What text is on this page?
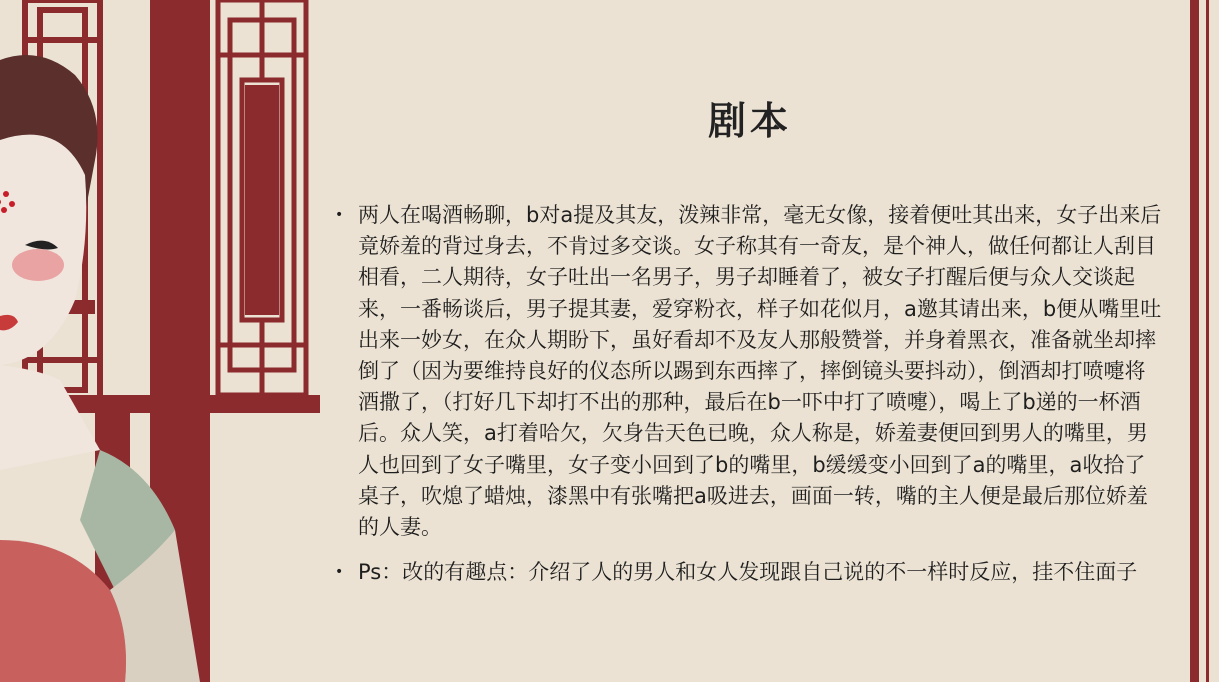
剧本
• 两人在喝酒畅聊，b对a提及其友，泼辣非常，毫无女像，接着便吐其出来，女子出来后竟娇羞的背过身去，不肯过多交谈。女子称其有一奇友，是个神人，做任何都让人刮目相看，二人期待，女子吐出一名男子，男子却睡着了，被女子打醒后便与众人交谈起来，一番畅谈后，男子提其妻，爱穿粉衣，样子如花似月，a邀其请出来，b便从嘴里吐出来一妙女，在众人期盼下，虽好看却不及友人那般赞誉，并身着黑衣，准备就坐却摔倒了（因为要维持良好的仪态所以踢到东西摔了，摔倒镜头要抖动），倒酒却打喷嚏将酒撒了，（打好几下却打不出的那种，最后在b一吓中打了喷嚏），喝上了b递的一杯酒后。众人笑，a打着哈欠，欠身告天色已晚，众人称是，娇羞妻便回到男人的嘴里，男人也回到了女子嘴里，女子变小回到了b的嘴里，b缓缓变小回到了a的嘴里，a收拾了桌子，吹熄了蜡烛，漆黑中有张嘴把a吸进去，画面一转，嘴的主人便是最后那位娇羞的人妻。
• Ps：改的有趣点：介绍了人的男人和女人发现跟自己说的不一样时反应，挂不住面子
